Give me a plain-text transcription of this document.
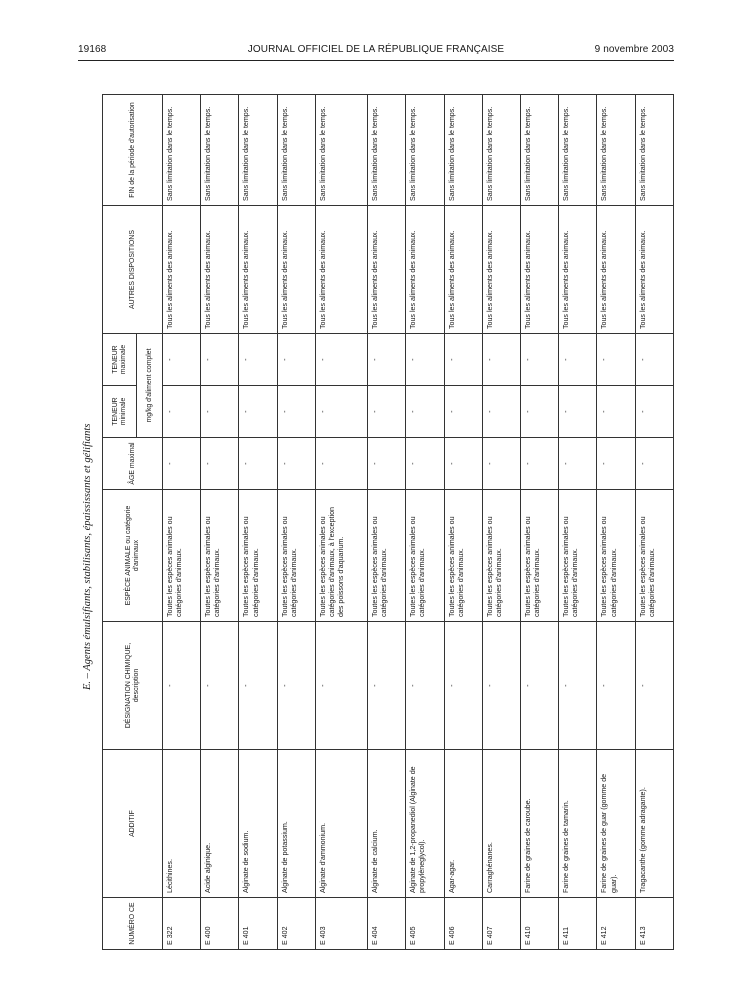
19168	JOURNAL OFFICIEL DE LA RÉPUBLIQUE FRANÇAISE	9 novembre 2003
E. – Agents émulsifiants, stabilisants, épaississants et gélifiants
NUMÉRO CE	ADDITIF	DÉSIGNATION CHIMIQUE, description	ESPÈCE ANIMALE ou catégorie d'animaux	ÂGE maximal	TENEUR minimale	TENEUR maximale	AUTRES DISPOSITIONS	FIN de la période d'autorisation
					mg/kg d'aliment complet			
E 322	Lécithines.	-	Toutes les espèces animales ou catégories d'animaux.	-	-	-	Tous les aliments des animaux.	Sans limitation dans le temps.
E 400	Acide alginique.	-	Toutes les espèces animales ou catégories d'animaux.	-	-	-	Tous les aliments des animaux.	Sans limitation dans le temps.
E 401	Alginate de sodium.	-	Toutes les espèces animales ou catégories d'animaux.	-	-	-	Tous les aliments des animaux.	Sans limitation dans le temps.
E 402	Alginate de potassium.	-	Toutes les espèces animales ou catégories d'animaux.	-	-	-	Tous les aliments des animaux.	Sans limitation dans le temps.
E 403	Alginate d'ammonium.	-	Toutes les espèces animales ou catégories d'animaux, à l'exception des poissons d'aquarium.	-	-	-	Tous les aliments des animaux.	Sans limitation dans le temps.
E 404	Alginate de calcium.	-	Toutes les espèces animales ou catégories d'animaux.	-	-	-	Tous les aliments des animaux.	Sans limitation dans le temps.
E 405	Alginate de 1,2-propanediol (Alginate de propylèneglycol).	-	Toutes les espèces animales ou catégories d'animaux.	-	-	-	Tous les aliments des animaux.	Sans limitation dans le temps.
E 406	Agar-agar.	-	Toutes les espèces animales ou catégories d'animaux.	-	-	-	Tous les aliments des animaux.	Sans limitation dans le temps.
E 407	Carraghénanes.	-	Toutes les espèces animales ou catégories d'animaux.	-	-	-	Tous les aliments des animaux.	Sans limitation dans le temps.
E 410	Farine de graines de caroube.	-	Toutes les espèces animales ou catégories d'animaux.	-	-	-	Tous les aliments des animaux.	Sans limitation dans le temps.
E 411	Farine de graines de tamarin.	-	Toutes les espèces animales ou catégories d'animaux.	-	-	-	Tous les aliments des animaux.	Sans limitation dans le temps.
E 412	Farine de graines de guar (gomme de guar).	-	Toutes les espèces animales ou catégories d'animaux.	-	-	-	Tous les aliments des animaux.	Sans limitation dans le temps.
E 413	Tragacanthe (gomme adragante).	-	Toutes les espèces animales ou catégories d'animaux.	-	-	-	Tous les aliments des animaux.	Sans limitation dans le temps.
